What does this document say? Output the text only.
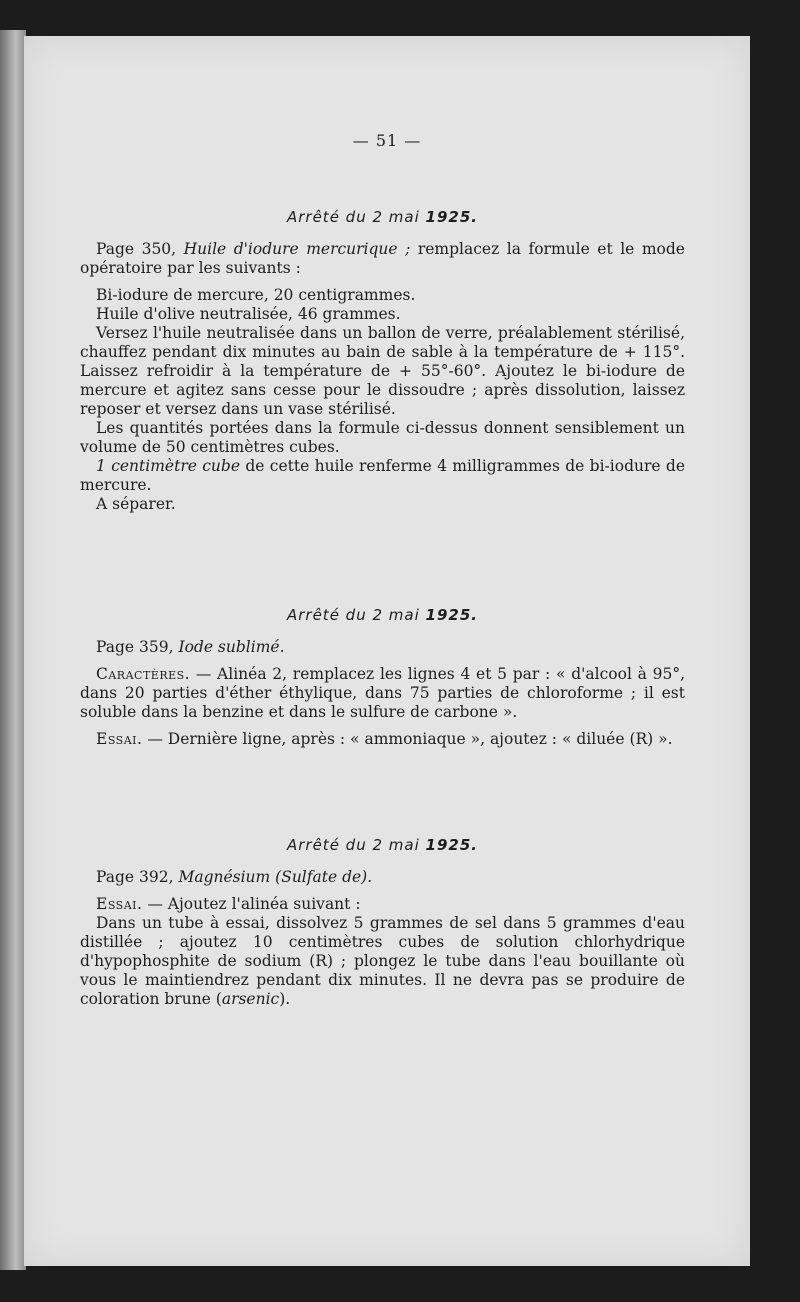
— 51 —
Arrêté du 2 mai 1925.

Page 350, Huile d'iodure mercurique ; remplacez la formule et le mode opératoire par les suivants :

Bi-iodure de mercure, 20 centigrammes.

Huile d'olive neutralisée, 46 grammes.

Versez l'huile neutralisée dans un ballon de verre, préalablement stérilisé, chauffez pendant dix minutes au bain de sable à la température de + 115°. Laissez refroidir à la température de + 55°-60°. Ajoutez le bi-iodure de mercure et agitez sans cesse pour le dissoudre ; après dissolution, laissez reposer et versez dans un vase stérilisé.

Les quantités portées dans la formule ci-dessus donnent sensiblement un volume de 50 centimètres cubes.

1 centimètre cube de cette huile renferme 4 milligrammes de bi-iodure de mercure.

A séparer.

Arrêté du 2 mai 1925.

Page 359, Iode sublimé.

Caractères. — Alinéa 2, remplacez les lignes 4 et 5 par : « d'alcool à 95°, dans 20 parties d'éther éthylique, dans 75 parties de chloroforme ; il est soluble dans la benzine et dans le sulfure de carbone ».

Essai. — Dernière ligne, après : « ammoniaque », ajoutez : « diluée (R) ».

Arrêté du 2 mai 1925.

Page 392, Magnésium (Sulfate de).

Essai. — Ajoutez l'alinéa suivant :

Dans un tube à essai, dissolvez 5 grammes de sel dans 5 grammes d'eau distillée ; ajoutez 10 centimètres cubes de solution chlorhydrique d'hypophosphite de sodium (R) ; plongez le tube dans l'eau bouillante où vous le maintiendrez pendant dix minutes. Il ne devra pas se produire de coloration brune (arsenic).
